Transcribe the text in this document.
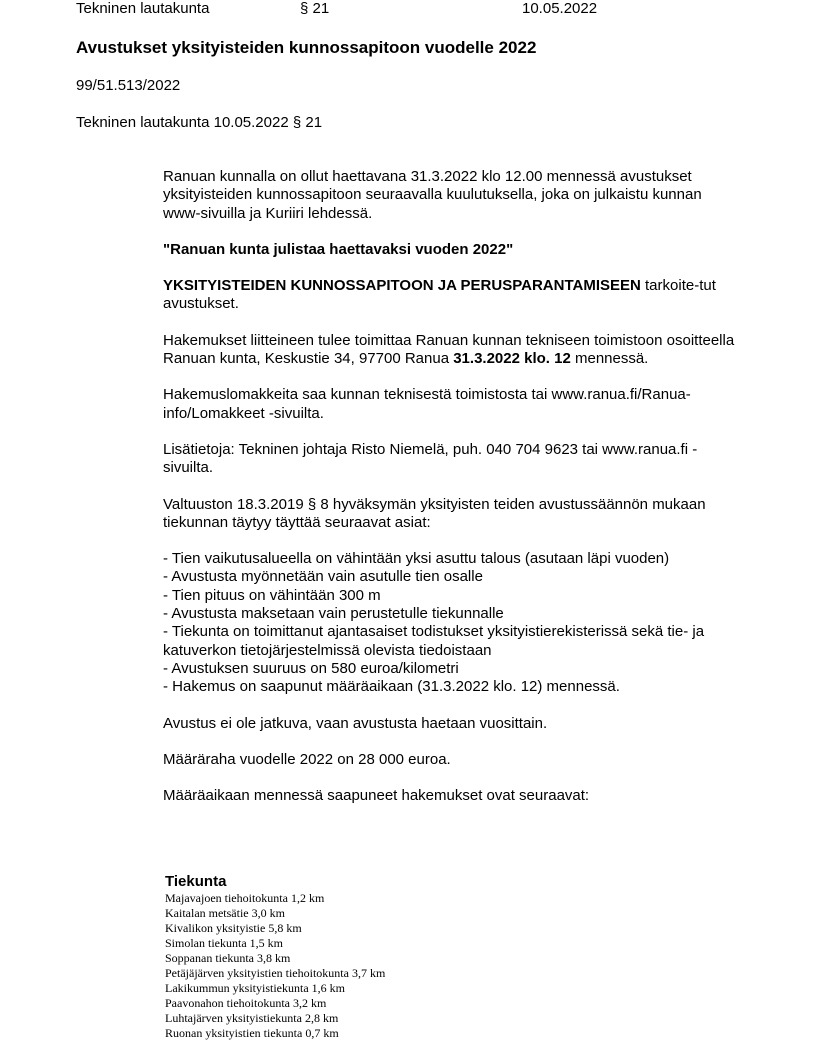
Tekninen lautakunta	§ 21	10.05.2022
Avustukset yksityisteiden kunnossapitoon vuodelle 2022
99/51.513/2022
Tekninen lautakunta 10.05.2022 § 21

Ranuan kunnalla on ollut haettavana 31.3.2022 klo 12.00 mennessä avustukset yksityisteiden kunnossapitoon seuraavalla kuulutuksella, joka on julkaistu kunnan www-sivuilla ja Kuriiri lehdessä.

"Ranuan kunta julistaa haettavaksi vuoden 2022"

YKSITYISTEIDEN KUNNOSSAPITOON JA PERUSPARANTAMISEEN tarkoite-tut avustukset.

Hakemukset liitteineen tulee toimittaa Ranuan kunnan tekniseen toimistoon osoitteella Ranuan kunta, Keskustie 34, 97700 Ranua 31.3.2022 klo. 12 mennessä.

Hakemuslomakkeita saa kunnan teknisestä toimistosta tai www.ranua.fi/Ranua-info/Lomakkeet -sivuilta.

Lisätietoja: Tekninen johtaja Risto Niemelä, puh. 040 704 9623 tai www.ranua.fi -sivuilta.

Valtuuston 18.3.2019 § 8 hyväksymän yksityisten teiden avustussäännön mukaan tiekunnan täytyy täyttää seuraavat asiat:

- Tien vaikutusalueella on vähintään yksi asuttu talous (asutaan läpi vuoden)
- Avustusta myönnetään vain asutulle tien osalle
- Tien pituus on vähintään 300 m
- Avustusta maksetaan vain perustetulle tiekunnalle
- Tiekunta on toimittanut ajantasaiset todistukset yksityistierekisterissä sekä tie- ja katuverkon tietojärjestelmissä olevista tiedoistaan
- Avustuksen suuruus on 580 euroa/kilometri
- Hakemus on saapunut määräaikaan (31.3.2022 klo. 12) mennessä.

Avustus ei ole jatkuva, vaan avustusta haetaan vuosittain.

Määräraha vuodelle 2022 on 28 000 euroa.

Määräaikaan mennessä saapuneet hakemukset ovat seuraavat:

Tiekunta
Majavajoen tiehoitokunta 1,2 km
Kaitalan metsätie 3,0 km
Kivalikon yksityistie 5,8 km
Simolan tiekunta 1,5 km
Soppanan tiekunta 3,8 km
Petäjäjärven yksityistien tiehoitokunta 3,7 km
Lakikummun yksityistiekunta 1,6 km
Paavonahon tiehoitokunta 3,2 km
Luhtajärven yksityistiekunta 2,8 km
Ruonan yksityistien tiekunta 0,7 km
